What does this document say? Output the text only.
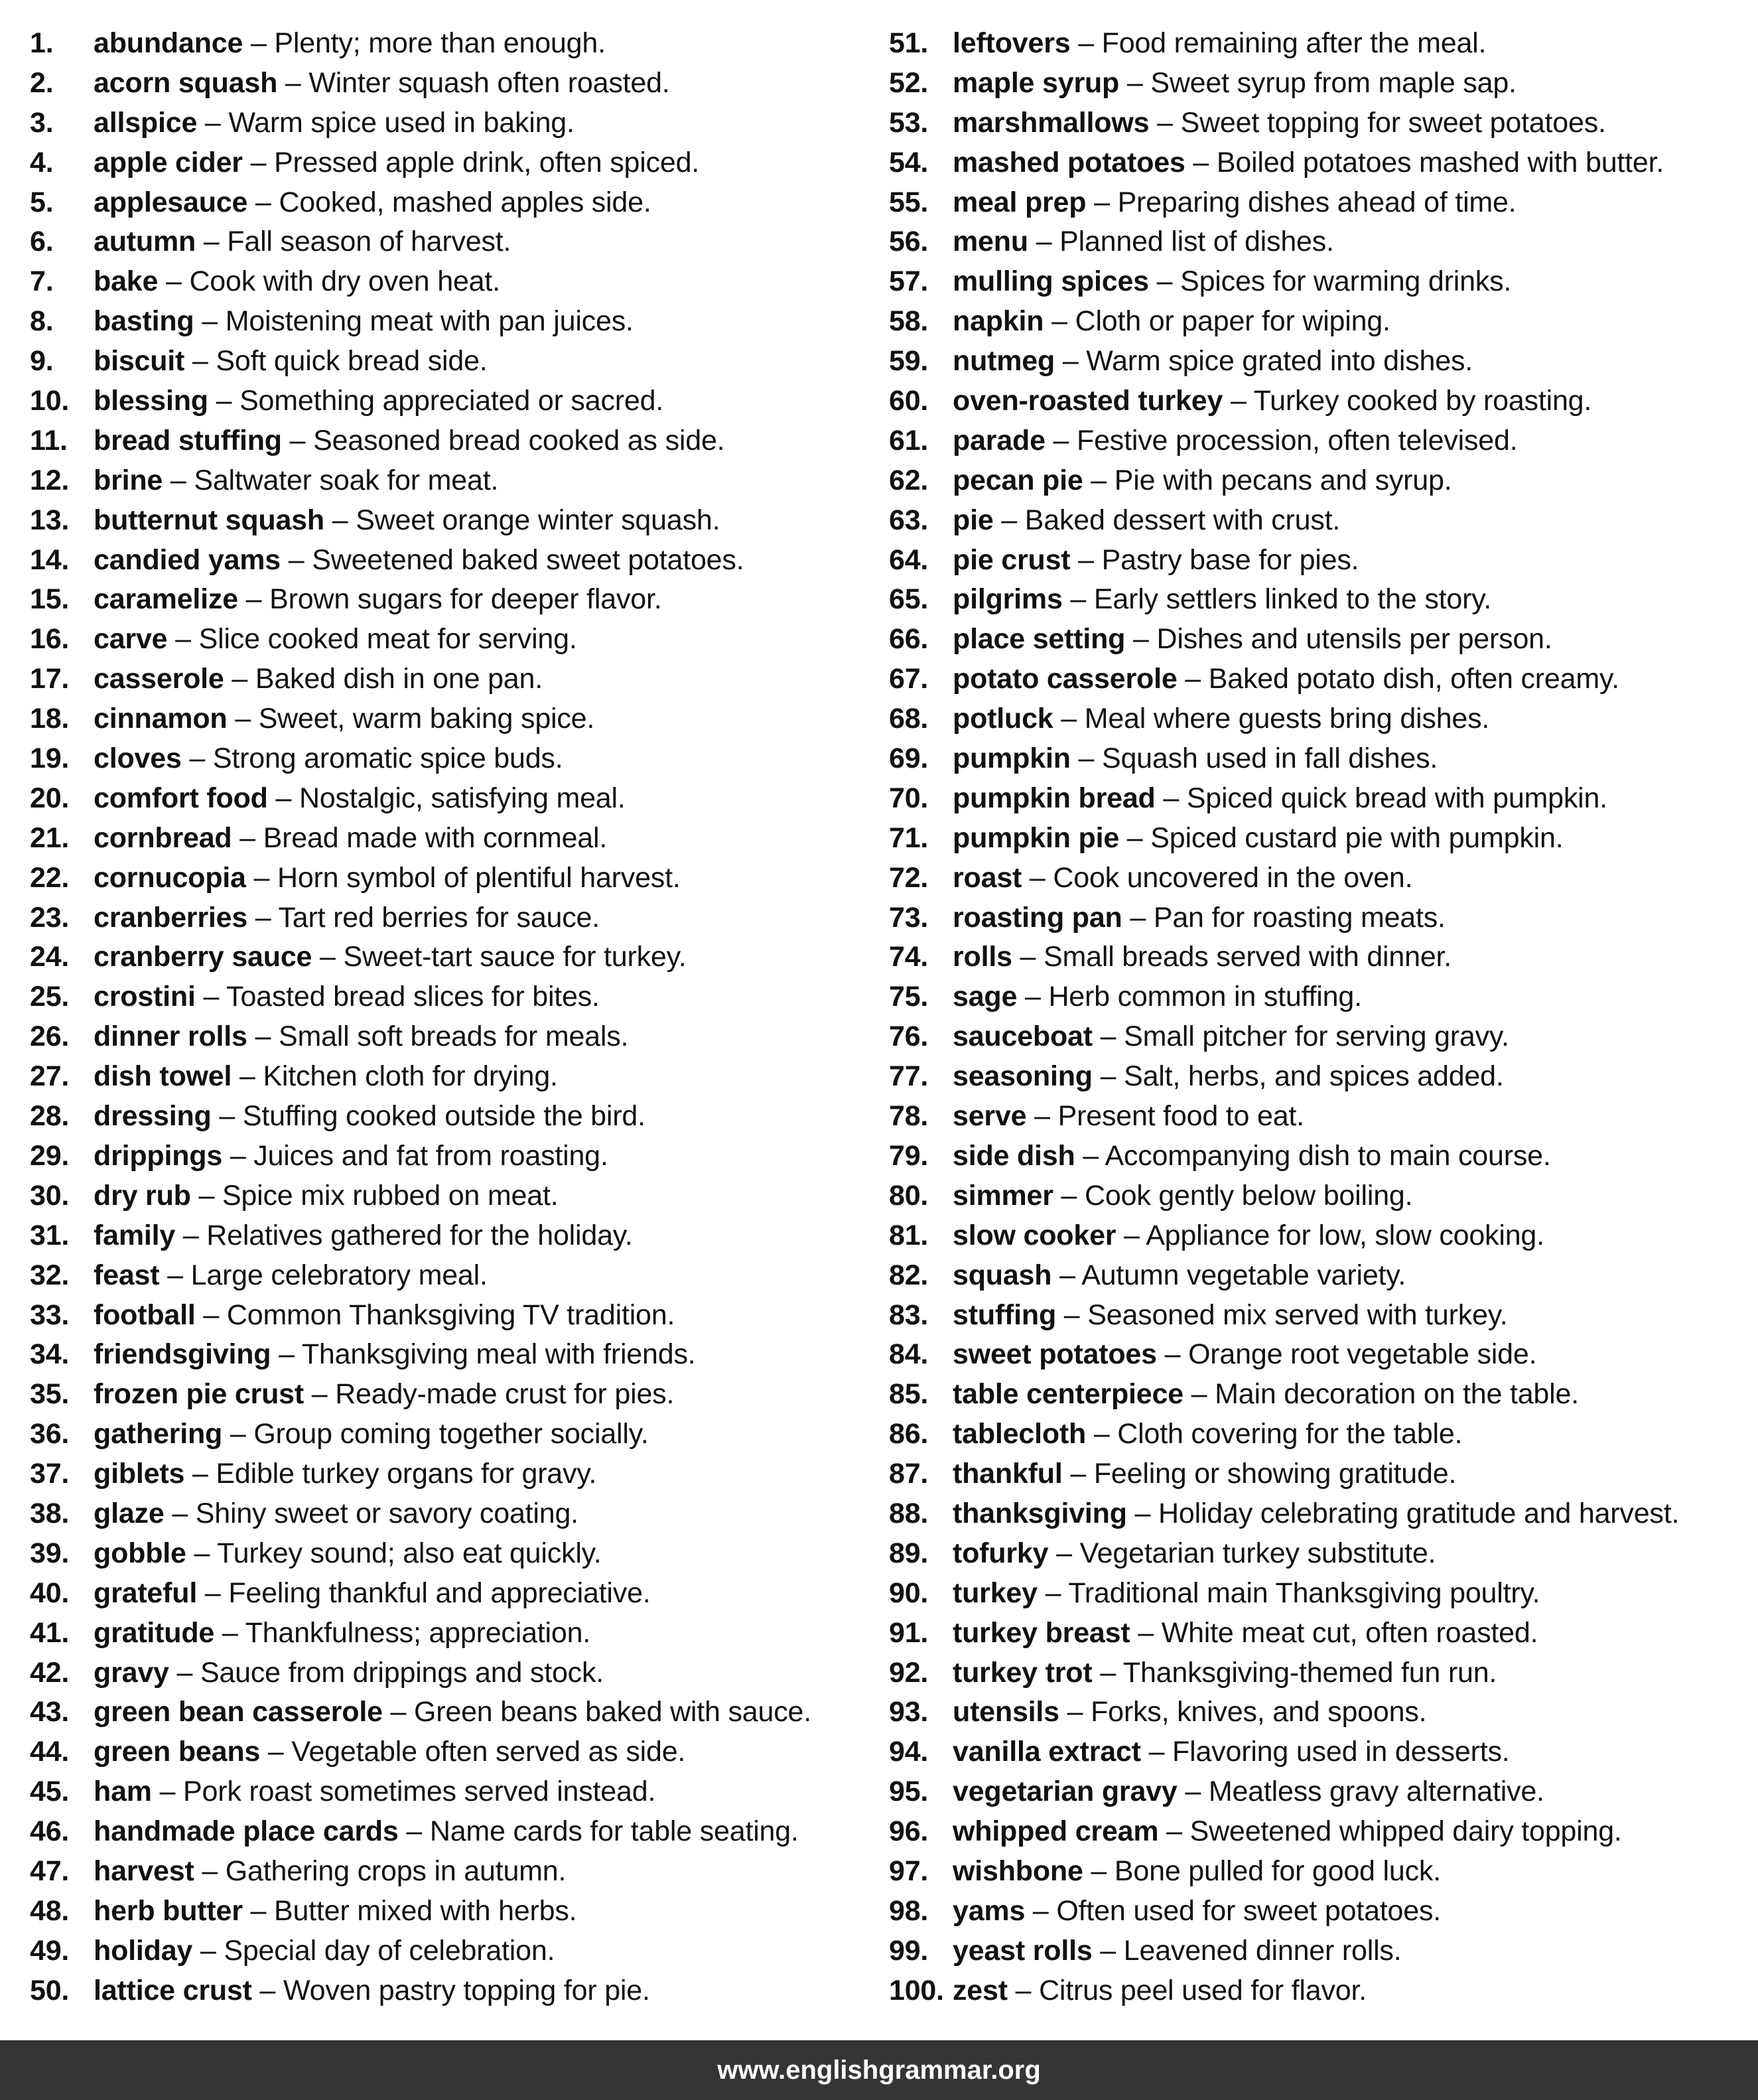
1. abundance – Plenty; more than enough.
2. acorn squash – Winter squash often roasted.
3. allspice – Warm spice used in baking.
4. apple cider – Pressed apple drink, often spiced.
5. applesauce – Cooked, mashed apples side.
6. autumn – Fall season of harvest.
7. bake – Cook with dry oven heat.
8. basting – Moistening meat with pan juices.
9. biscuit – Soft quick bread side.
10. blessing – Something appreciated or sacred.
11. bread stuffing – Seasoned bread cooked as side.
12. brine – Saltwater soak for meat.
13. butternut squash – Sweet orange winter squash.
14. candied yams – Sweetened baked sweet potatoes.
15. caramelize – Brown sugars for deeper flavor.
16. carve – Slice cooked meat for serving.
17. casserole – Baked dish in one pan.
18. cinnamon – Sweet, warm baking spice.
19. cloves – Strong aromatic spice buds.
20. comfort food – Nostalgic, satisfying meal.
21. cornbread – Bread made with cornmeal.
22. cornucopia – Horn symbol of plentiful harvest.
23. cranberries – Tart red berries for sauce.
24. cranberry sauce – Sweet-tart sauce for turkey.
25. crostini – Toasted bread slices for bites.
26. dinner rolls – Small soft breads for meals.
27. dish towel – Kitchen cloth for drying.
28. dressing – Stuffing cooked outside the bird.
29. drippings – Juices and fat from roasting.
30. dry rub – Spice mix rubbed on meat.
31. family – Relatives gathered for the holiday.
32. feast – Large celebratory meal.
33. football – Common Thanksgiving TV tradition.
34. friendsgiving – Thanksgiving meal with friends.
35. frozen pie crust – Ready-made crust for pies.
36. gathering – Group coming together socially.
37. giblets – Edible turkey organs for gravy.
38. glaze – Shiny sweet or savory coating.
39. gobble – Turkey sound; also eat quickly.
40. grateful – Feeling thankful and appreciative.
41. gratitude – Thankfulness; appreciation.
42. gravy – Sauce from drippings and stock.
43. green bean casserole – Green beans baked with sauce.
44. green beans – Vegetable often served as side.
45. ham – Pork roast sometimes served instead.
46. handmade place cards – Name cards for table seating.
47. harvest – Gathering crops in autumn.
48. herb butter – Butter mixed with herbs.
49. holiday – Special day of celebration.
50. lattice crust – Woven pastry topping for pie.
51. leftovers – Food remaining after the meal.
52. maple syrup – Sweet syrup from maple sap.
53. marshmallows – Sweet topping for sweet potatoes.
54. mashed potatoes – Boiled potatoes mashed with butter.
55. meal prep – Preparing dishes ahead of time.
56. menu – Planned list of dishes.
57. mulling spices – Spices for warming drinks.
58. napkin – Cloth or paper for wiping.
59. nutmeg – Warm spice grated into dishes.
60. oven-roasted turkey – Turkey cooked by roasting.
61. parade – Festive procession, often televised.
62. pecan pie – Pie with pecans and syrup.
63. pie – Baked dessert with crust.
64. pie crust – Pastry base for pies.
65. pilgrims – Early settlers linked to the story.
66. place setting – Dishes and utensils per person.
67. potato casserole – Baked potato dish, often creamy.
68. potluck – Meal where guests bring dishes.
69. pumpkin – Squash used in fall dishes.
70. pumpkin bread – Spiced quick bread with pumpkin.
71. pumpkin pie – Spiced custard pie with pumpkin.
72. roast – Cook uncovered in the oven.
73. roasting pan – Pan for roasting meats.
74. rolls – Small breads served with dinner.
75. sage – Herb common in stuffing.
76. sauceboat – Small pitcher for serving gravy.
77. seasoning – Salt, herbs, and spices added.
78. serve – Present food to eat.
79. side dish – Accompanying dish to main course.
80. simmer – Cook gently below boiling.
81. slow cooker – Appliance for low, slow cooking.
82. squash – Autumn vegetable variety.
83. stuffing – Seasoned mix served with turkey.
84. sweet potatoes – Orange root vegetable side.
85. table centerpiece – Main decoration on the table.
86. tablecloth – Cloth covering for the table.
87. thankful – Feeling or showing gratitude.
88. thanksgiving – Holiday celebrating gratitude and harvest.
89. tofurky – Vegetarian turkey substitute.
90. turkey – Traditional main Thanksgiving poultry.
91. turkey breast – White meat cut, often roasted.
92. turkey trot – Thanksgiving-themed fun run.
93. utensils – Forks, knives, and spoons.
94. vanilla extract – Flavoring used in desserts.
95. vegetarian gravy – Meatless gravy alternative.
96. whipped cream – Sweetened whipped dairy topping.
97. wishbone – Bone pulled for good luck.
98. yams – Often used for sweet potatoes.
99. yeast rolls – Leavened dinner rolls.
100. zest – Citrus peel used for flavor.
www.englishgrammar.org
